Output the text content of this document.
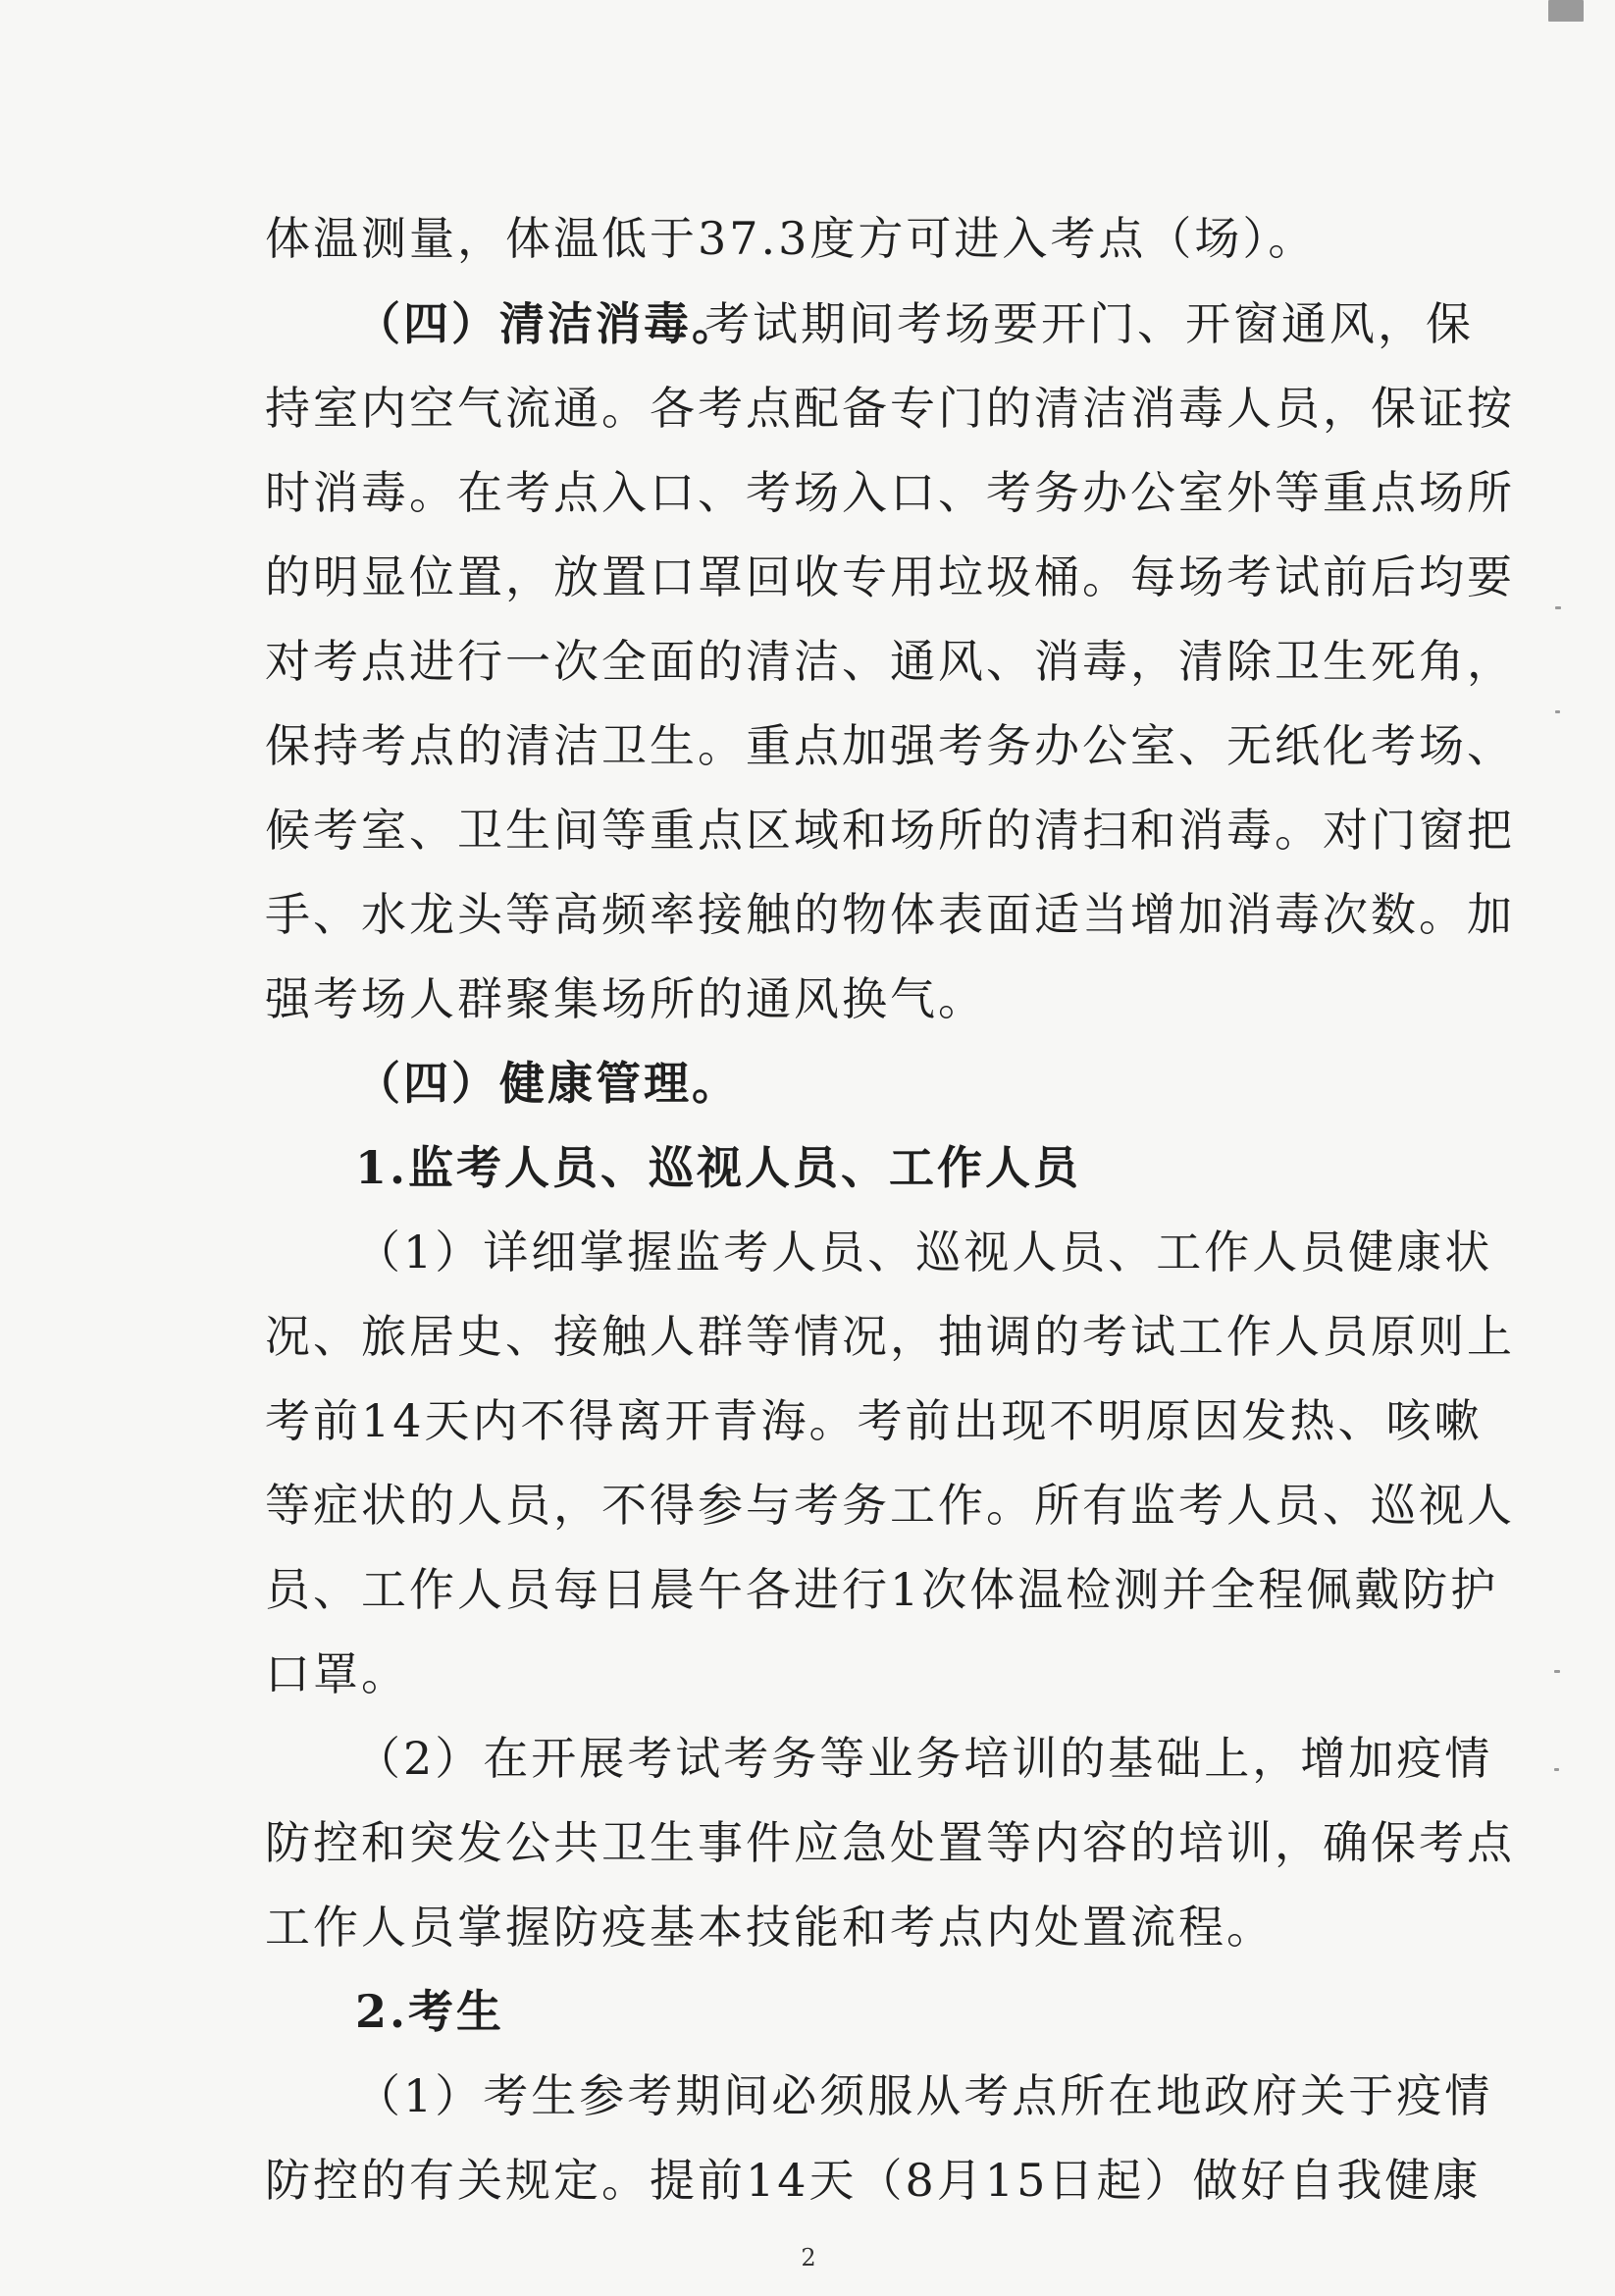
体温测量，体温低于37.3度方可进入考点（场）。
（四）清洁消毒。
考试期间考场要开门、开窗通风，保
持室内空气流通。各考点配备专门的清洁消毒人员，保证按
时消毒。在考点入口、考场入口、考务办公室外等重点场所
的明显位置，放置口罩回收专用垃圾桶。每场考试前后均要
对考点进行一次全面的清洁、通风、消毒，清除卫生死角，
保持考点的清洁卫生。重点加强考务办公室、无纸化考场、
候考室、卫生间等重点区域和场所的清扫和消毒。对门窗把
手、水龙头等高频率接触的物体表面适当增加消毒次数。加
强考场人群聚集场所的通风换气。
（四）健康管理。
1.监考人员、巡视人员、工作人员
（1）详细掌握监考人员、巡视人员、工作人员健康状
况、旅居史、接触人群等情况，抽调的考试工作人员原则上
考前14天内不得离开青海。考前出现不明原因发热、咳嗽
等症状的人员，不得参与考务工作。所有监考人员、巡视人
员、工作人员每日晨午各进行1次体温检测并全程佩戴防护
口罩。
（2）在开展考试考务等业务培训的基础上，增加疫情
防控和突发公共卫生事件应急处置等内容的培训，确保考点
工作人员掌握防疫基本技能和考点内处置流程。
2.考生
（1）考生参考期间必须服从考点所在地政府关于疫情
防控的有关规定。提前14天（8月15日起）做好自我健康
2
